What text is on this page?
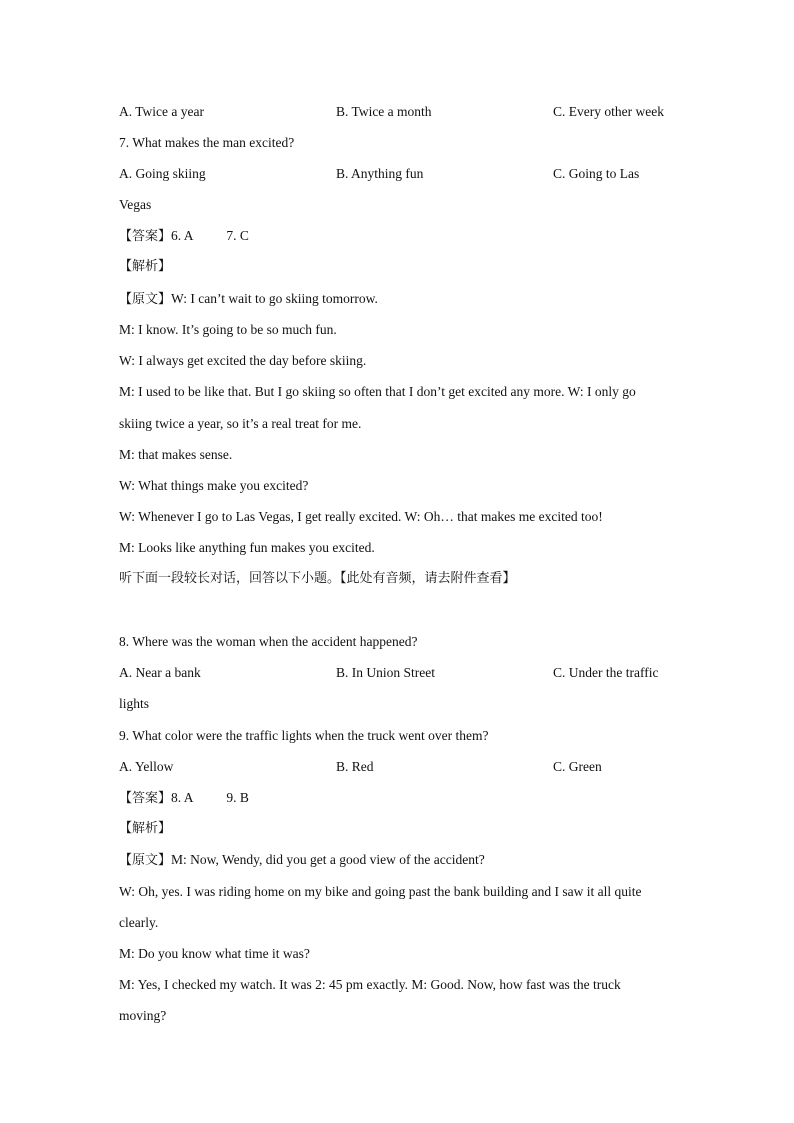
A. Twice a year	B. Twice a month	C. Every other week
7. What makes the man excited?
A. Going skiing	B. Anything fun	C. Going to Las
Vegas
【答案】6. A 7. C
【解析】
【原文】W: I can’t wait to go skiing tomorrow.
M: I know. It’s going to be so much fun.
W: I always get excited the day before skiing.
M: I used to be like that. But I go skiing so often that I don’t get excited any more. W: I only go
skiing twice a year, so it’s a real treat for me.
M: that makes sense.
W: What things make you excited?
W: Whenever I go to Las Vegas, I get really excited. W: Oh… that makes me excited too!
M: Looks like anything fun makes you excited.
听下面一段较长对话，回答以下小题。【此处有音频，请去附件查看】
8. Where was the woman when the accident happened?
A. Near a bank	B. In Union Street	C. Under the traffic
lights
9. What color were the traffic lights when the truck went over them?
A. Yellow	B. Red	C. Green
【答案】8. A 9. B
【解析】
【原文】M: Now, Wendy, did you get a good view of the accident?
W: Oh, yes. I was riding home on my bike and going past the bank building and I saw it all quite
clearly.
M: Do you know what time it was?
M: Yes, I checked my watch. It was 2: 45 pm exactly. M: Good. Now, how fast was the truck
moving?
